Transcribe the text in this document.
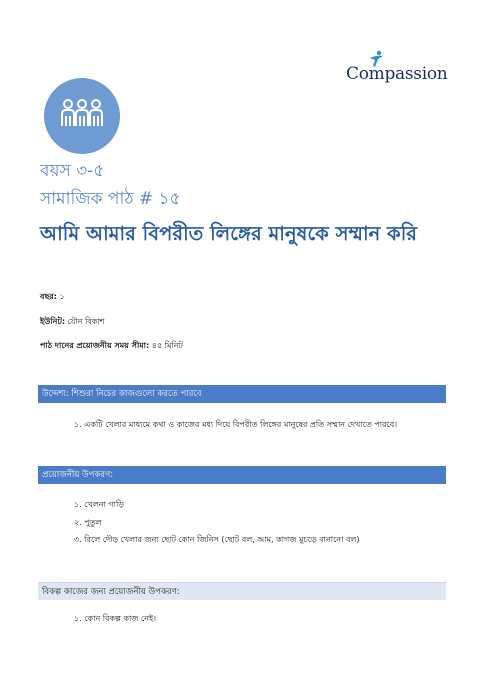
Compassion
বয়স ৩-৫
সামাজিক পাঠ # ১৫
আমি আমার বিপরীত লিঙ্গের মানুষকে সম্মান করি
বছর: ১
ইউনিট: যৌন বিকাশ
পাঠ দানের প্রয়োজনীয় সময় সীমা: ৪৫ মিনিট
উদ্দেশ্য: শিশুরা নিচের কাজগুলো করতে পারবে
১. একটি খেলার মাধ্যমে কথা ও কাজের মধ্য দিয়ে বিপরীত লিঙ্গের মানুষের প্রতি সম্মান দেখাতে পারবে।
প্রয়োজনীয় উপকরণ:
১. খেলনা গাড়ি
২. পুতুল
৩. রিলে দৌড় খেলার জন্য ছোট কোন জিনিস (ছোট বল, আম, কাগজ মুচড়ে বানানো বল)
বিকল্প কাজের জন্য প্রয়োজনীয় উপকরণ:
১. কোন বিকল্প কাজ নেই।
